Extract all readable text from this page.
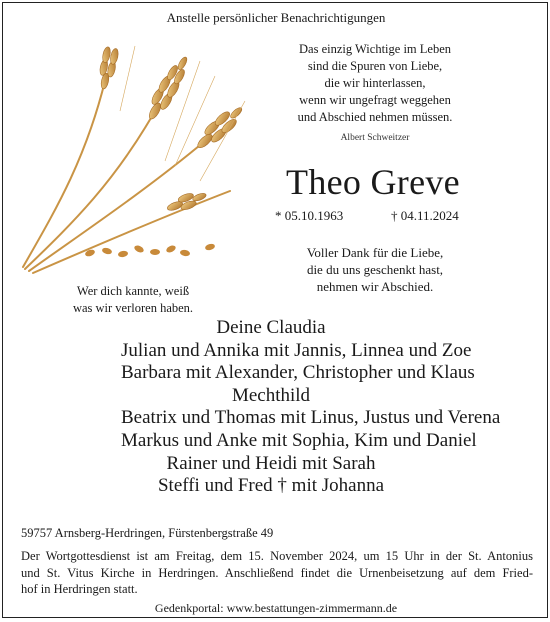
Anstelle persönlicher Benachrichtigungen
Das einzig Wichtige im Leben
sind die Spuren von Liebe,
die wir hinterlassen,
wenn wir ungefragt weggehen
und Abschied nehmen müssen.
Albert Schweitzer
Theo Greve
* 05.10.1963	† 04.11.2024
Voller Dank für die Liebe,
die du uns geschenkt hast,
nehmen wir Abschied.
Wer dich kannte, weiß
was wir verloren haben.
Deine Claudia
Julian und Annika mit Jannis, Linnea und Zoe
Barbara mit Alexander, Christopher und Klaus
Mechthild
Beatrix und Thomas mit Linus, Justus und Verena
Markus und Anke mit Sophia, Kim und Daniel
Rainer und Heidi mit Sarah
Steffi und Fred † mit Johanna
59757 Arnsberg-Herdringen, Fürstenbergstraße 49
Der Wortgottesdienst ist am Freitag, dem 15. November 2024, um 15 Uhr in der St. Antonius
und St. Vitus Kirche in Herdringen. Anschließend findet die Urnenbeisetzung auf dem Fried-
hof in Herdringen statt.
Gedenkportal: www.bestattungen-zimmermann.de
